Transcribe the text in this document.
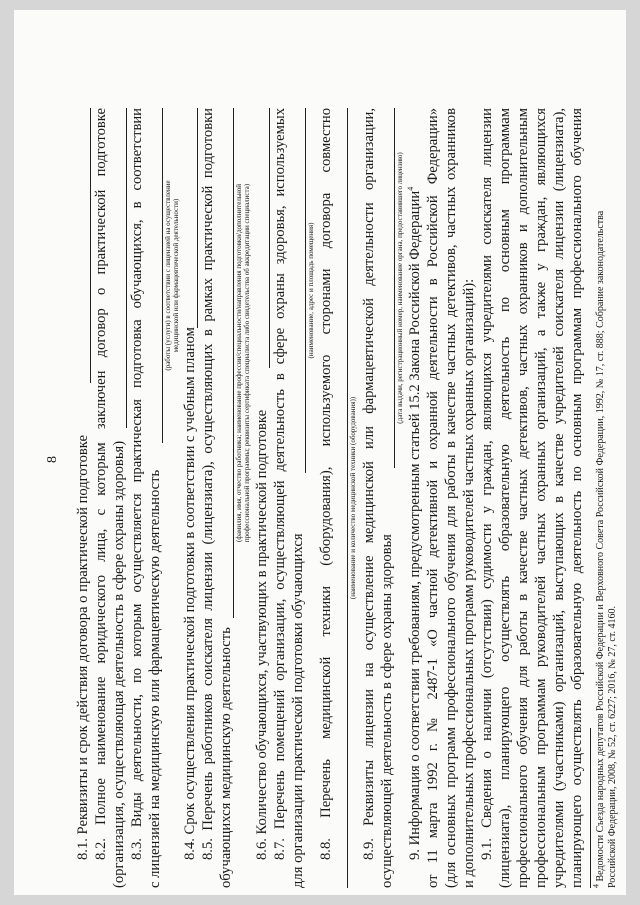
8 8.1. Реквизиты и срок действия договора о практической подготовке 8.2. Полное наименование юридического лица, с которым заключен договор о практической подготовке (организация, осуществляющая деятельность в сфере охраны здоровья) 8.3. Виды деятельности, по которым осуществляется практическая подготовка обучающихся, в соответствии с лицензией на медицинскую или фармацевтическую деятельность
(работы (услуги) в соответствии с лицензией на осуществление медицинской или фармацевтической деятельности)
8.4. Срок осуществления практической подготовки в соответствии с учебным планом 8.5. Перечень работников соискателя лицензии (лицензиата), осуществляющих в рамках практической подготовки обучающихся медицинскую деятельность
(фамилия, имя, отчество работника; наименование профессии/специальности/направления подготовки/дополнительной профессиональной программы; реквизиты сертификата специалиста либо свидетельства об аккредитации специалиста)
8.6. Количество обучающихся, участвующих в практической подготовке 8.7. Перечень помещений организации, осуществляющей деятельность в сфере охраны здоровья, используемых для организации практической подготовки обучающихся
(наименование, адрес и площадь помещения) 8.8. Перечень медицинской техники (оборудования), используемого сторонами договора совместно (наименование и количество медицинской техники (оборудования)) 8.9. Реквизиты лицензии на осуществление медицинской или фармацевтической деятельности организации, осуществляющей деятельность в сфере охраны здоровья
(дата выдачи, регистрационный номер, наименование органа, предоставившего лицензию) 9. Информация о соответствии требованиям, предусмотренным статьей 15.2 Закона Российской Федерации$^4$ от 11 марта 1992 г. № 2487-1 «О частной детективной и охранной деятельности в Российской Федерации» (для основных программ профессионального обучения для работы в качестве частных детективов, частных охранников и дополнительных профессиональных программ руководителей частных охранных организаций): 9.1. Сведения о наличии (отсутствии) судимости у граждан, являющихся учредителями соискателя лицензии (лицензиата), планирующего осуществлять образовательную деятельность по основным программам профессионального обучения для работы в качестве частных детективов, частных охранников и дополнительным профессиональным программам руководителей частных охранных организаций, а также у граждан, являющихся учредителями (участниками) организаций, выступающих в качестве учредителей соискателя лицензии (лицензиата), планирующего осуществлять образовательную деятельность по основным программам профессионального обучения $^4$ Ведомости Съезда народных депутатов Российской Федерации и Верховного Совета Российской Федерации, 1992, № 17, ст. 888; Собрание законодательства Российской Федерации, 2008, № 52, ст. 6227; 2016, № 27, ст. 4160.
